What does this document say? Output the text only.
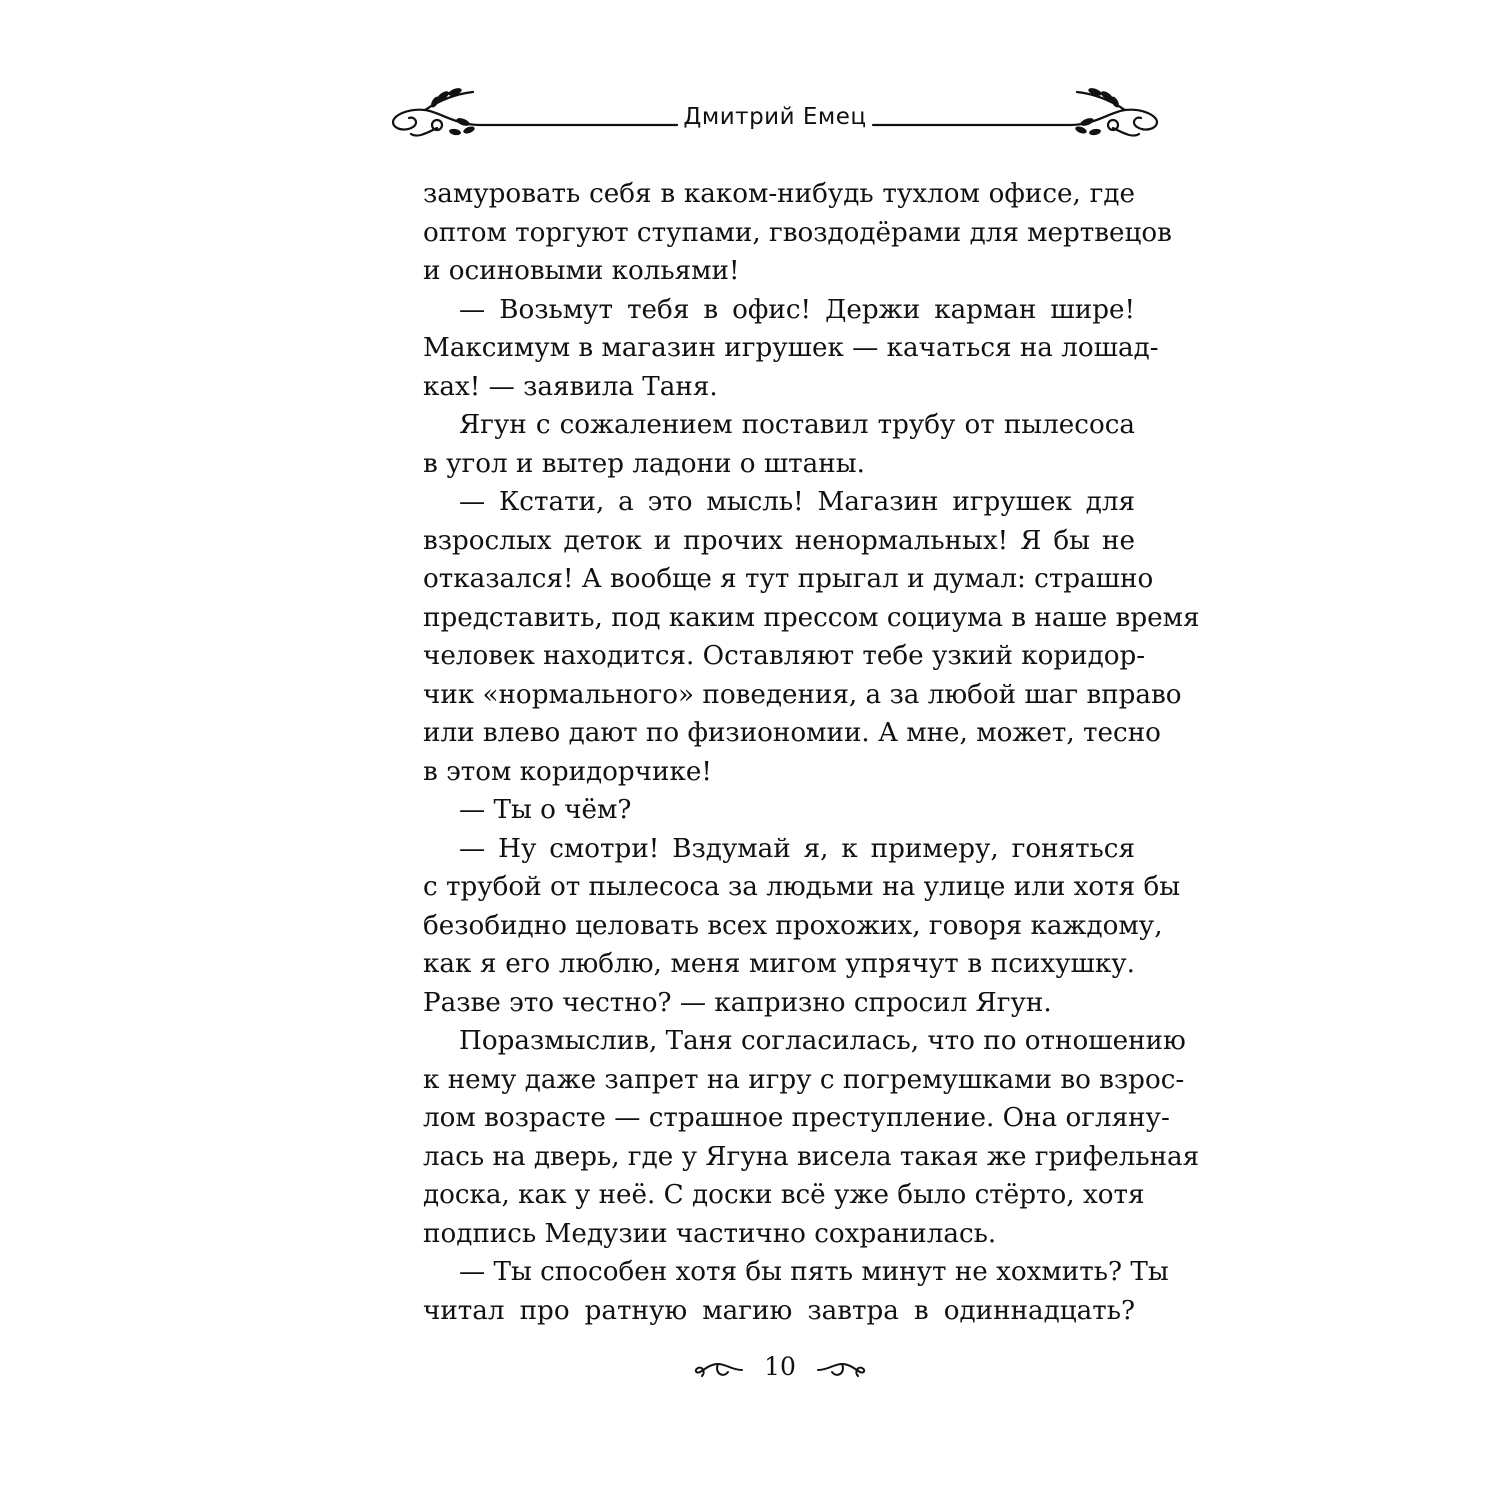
Дмитрий Емец
замуровать себя в каком-нибудь тухлом офисе, где
оптом торгуют ступами, гвоздодёрами для мертвецов
и осиновыми кольями!
— Возьмут тебя в офис! Держи карман шире!
Максимум в магазин игрушек — качаться на лошад-
ках! — заявила Таня.
Ягун с сожалением поставил трубу от пылесоса
в угол и вытер ладони о штаны.
— Кстати, а это мысль! Магазин игрушек для
взрослых деток и прочих ненормальных! Я бы не
отказался! А вообще я тут прыгал и думал: страшно
представить, под каким прессом социума в наше время
человек находится. Оставляют тебе узкий коридор-
чик «нормального» поведения, а за любой шаг вправо
или влево дают по физиономии. А мне, может, тесно
в этом коридорчике!
— Ты о чём?
— Ну смотри! Вздумай я, к примеру, гоняться
с трубой от пылесоса за людьми на улице или хотя бы
безобидно целовать всех прохожих, говоря каждому,
как я его люблю, меня мигом упрячут в психушку.
Разве это честно? — капризно спросил Ягун.
Поразмыслив, Таня согласилась, что по отношению
к нему даже запрет на игру с погремушками во взрос-
лом возрасте — страшное преступление. Она огляну-
лась на дверь, где у Ягуна висела такая же грифельная
доска, как у неё. С доски всё уже было стёрто, хотя
подпись Медузии частично сохранилась.
— Ты способен хотя бы пять минут не хохмить? Ты
читал про ратную магию завтра в одиннадцать?
10
